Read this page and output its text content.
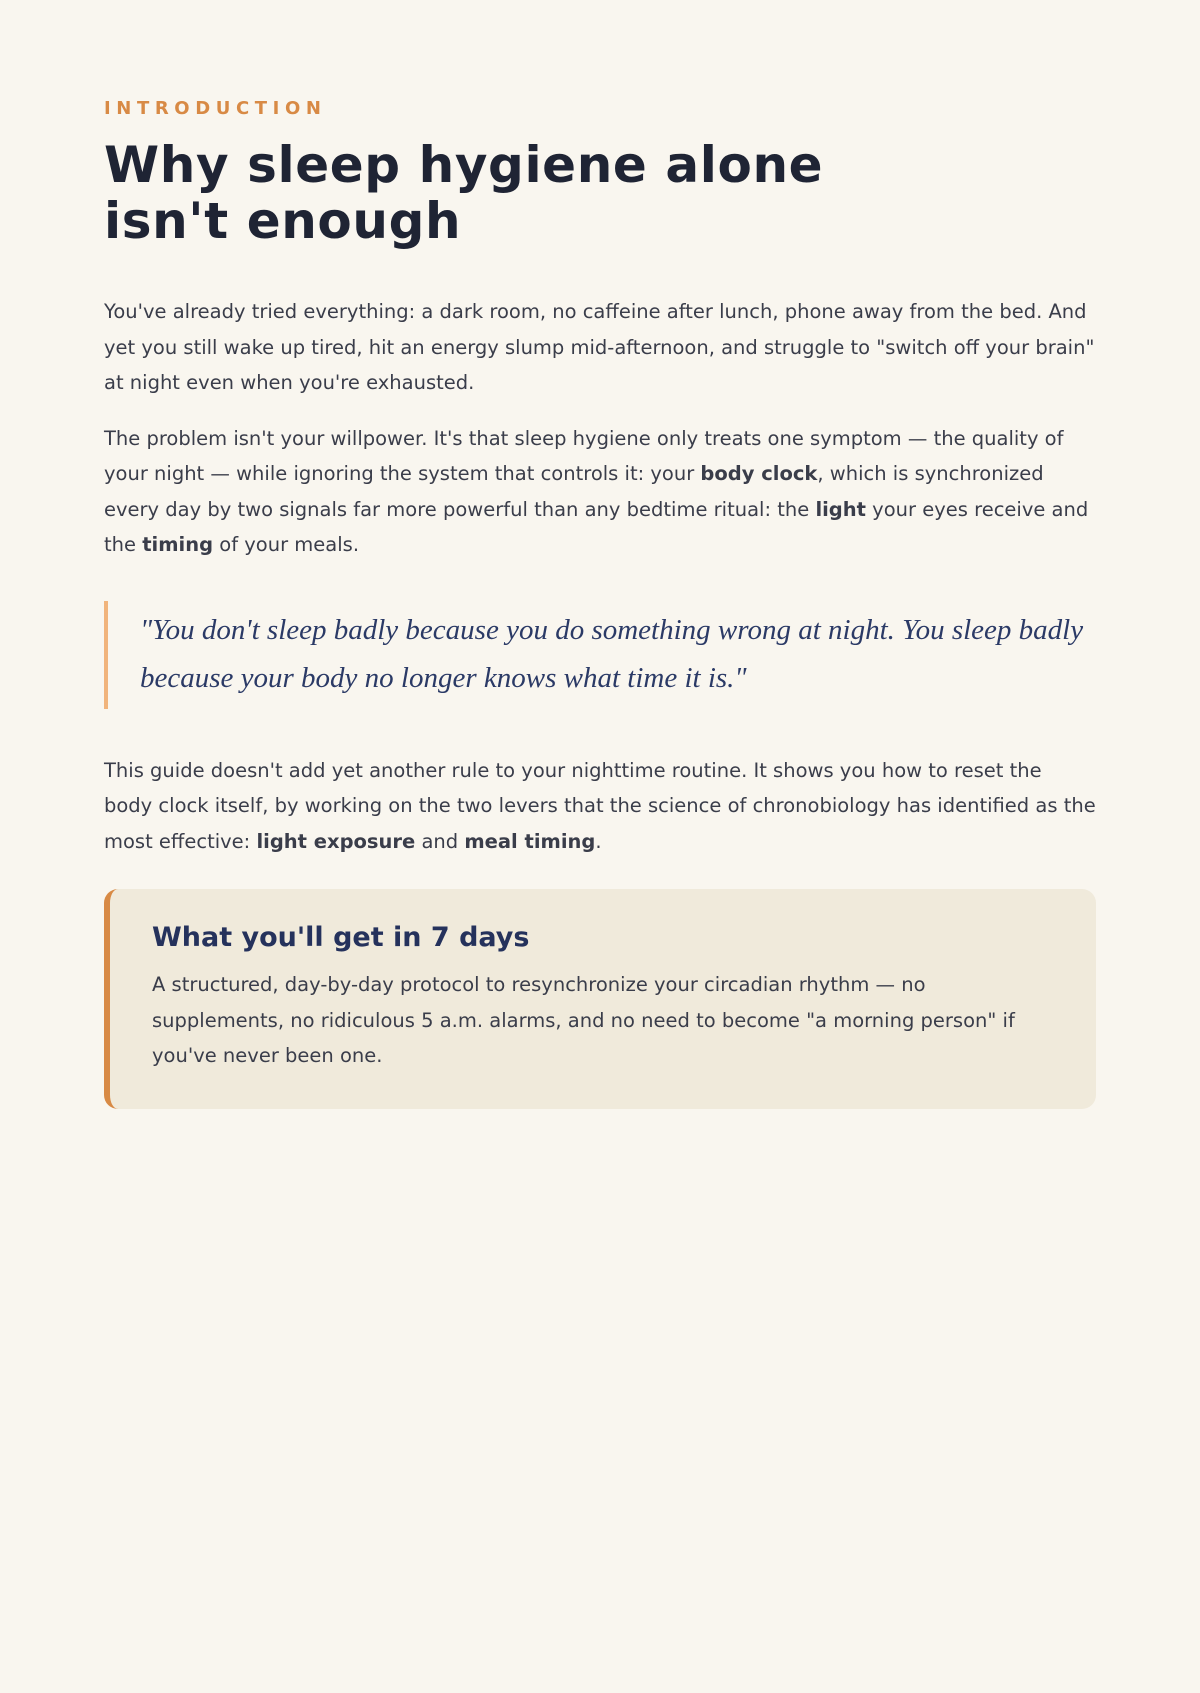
INTRODUCTION

Why sleep hygiene alone
isn't enough

You've already tried everything: a dark room, no caffeine after lunch, phone away from the bed. And yet you still wake up tired, hit an energy slump mid-afternoon, and struggle to "switch off your brain" at night even when you're exhausted.

The problem isn't your willpower. It's that sleep hygiene only treats one symptom — the quality of your night — while ignoring the system that controls it: your body clock, which is synchronized every day by two signals far more powerful than any bedtime ritual: the light your eyes receive and the timing of your meals.

"You don't sleep badly because you do something wrong at night. You sleep badly because your body no longer knows what time it is."

This guide doesn't add yet another rule to your nighttime routine. It shows you how to reset the body clock itself, by working on the two levers that the science of chronobiology has identified as the most effective: light exposure and meal timing.

What you'll get in 7 days

A structured, day-by-day protocol to resynchronize your circadian rhythm — no supplements, no ridiculous 5 a.m. alarms, and no need to become "a morning person" if you've never been one.
